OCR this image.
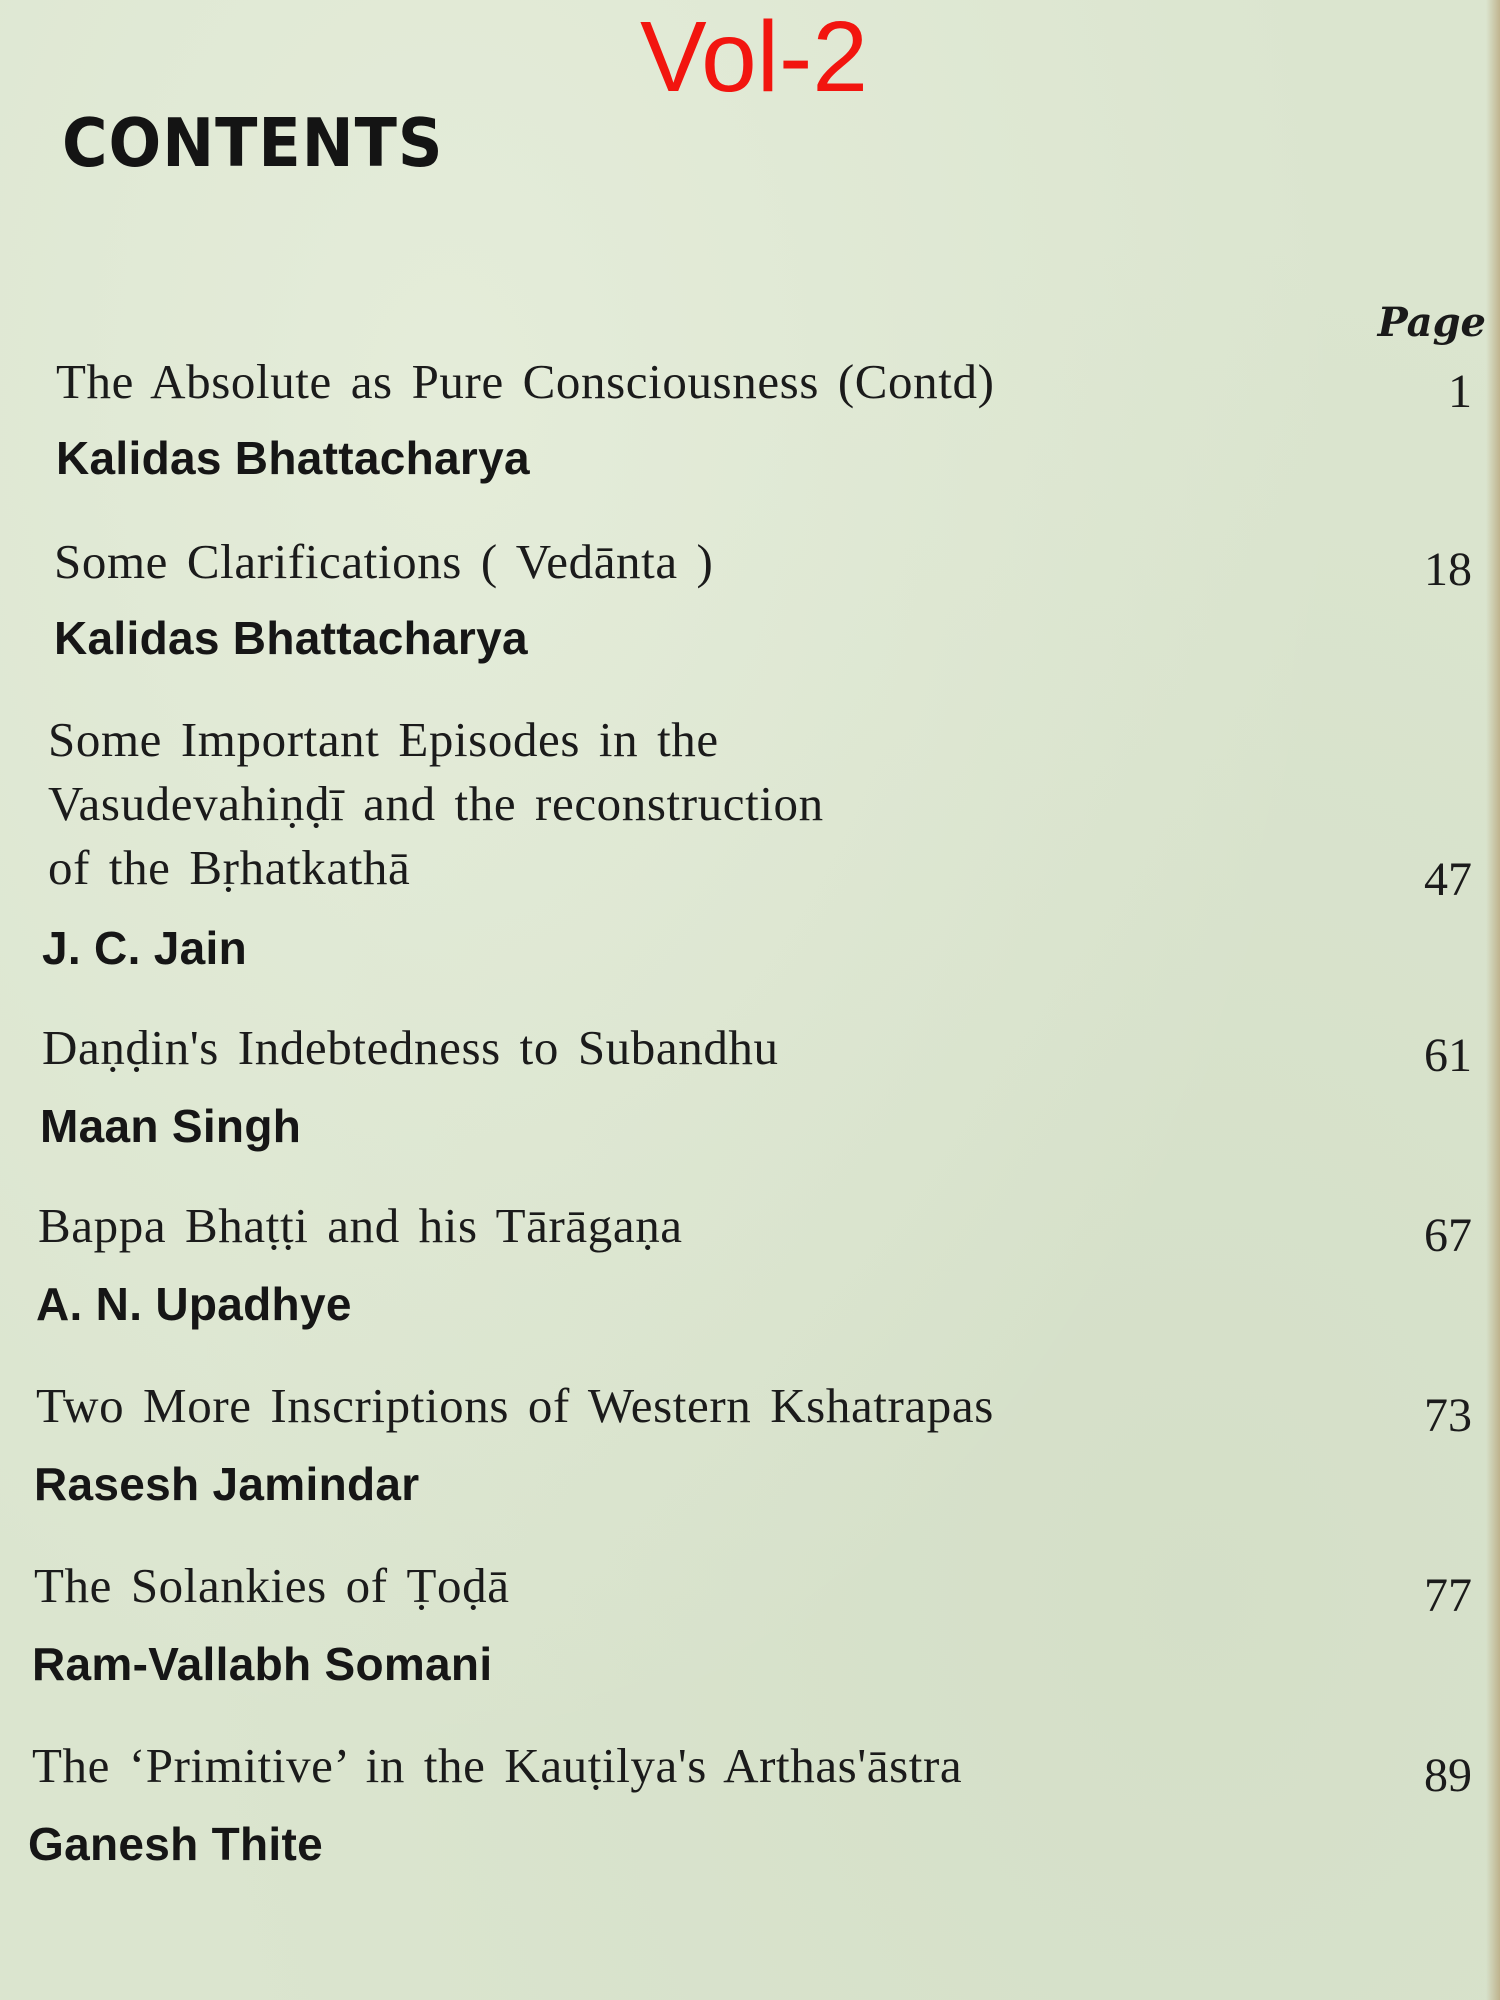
Vol-2
CONTENTS
Page
The Absolute as Pure Consciousness (Contd)	1
Kalidas Bhattacharya
Some Clarifications ( Vedānta )	18
Kalidas Bhattacharya
Some Important Episodes in the
Vasudevahiṇḍī and the reconstruction
of the Bṛhatkathā	47
J. C. Jain
Daṇḍin's Indebtedness to Subandhu	61
Maan Singh
Bappa Bhaṭṭi and his Tārāgaṇa	67
A. N. Upadhye
Two More Inscriptions of Western Kshatrapas	73
Rasesh Jamindar
The Solankies of Ṭoḍā	77
Ram-Vallabh Somani
The ‘Primitive’ in the Kauṭilya's Arthas'āstra	89
Ganesh Thite
